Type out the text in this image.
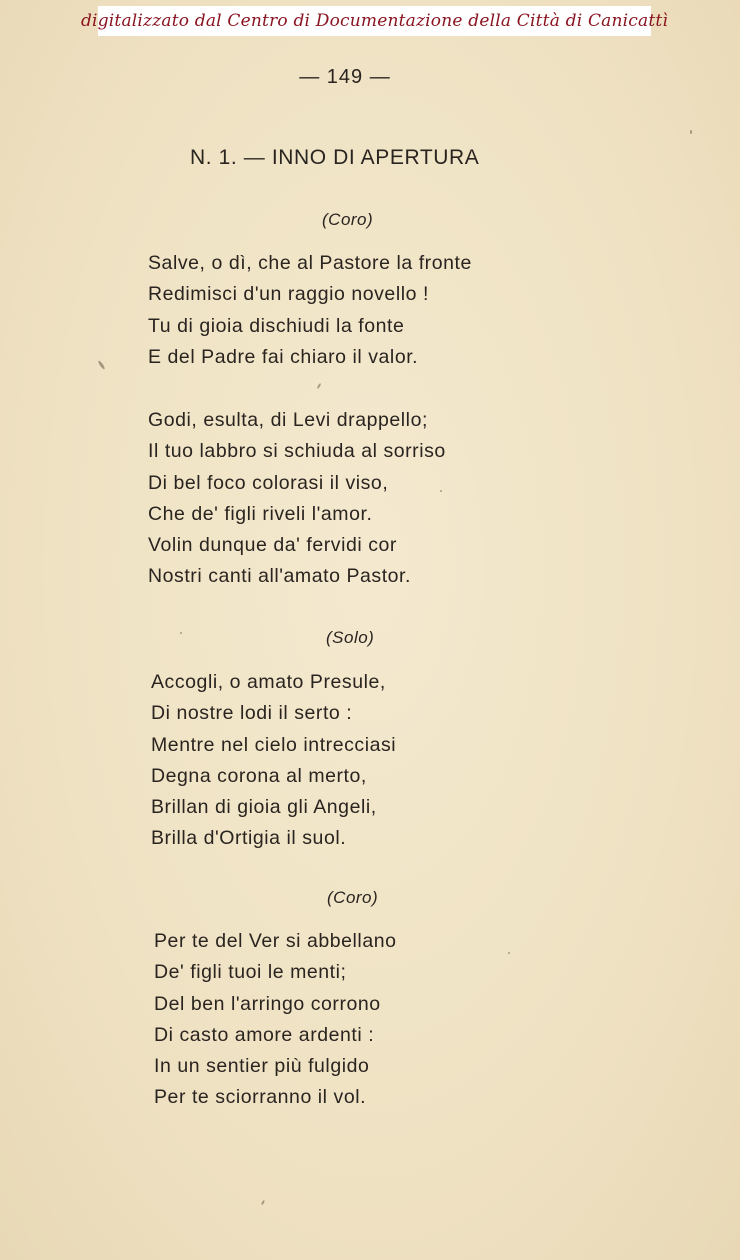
digitalizzato dal Centro di Documentazione della Città di Canicattì
— 149 —
N. 1. — INNO DI APERTURA
(Coro)
Salve, o dì, che al Pastore la fronte
Redimisci d'un raggio novello !
Tu di gioia dischiudi la fonte
E del Padre fai chiaro il valor.
Godi, esulta, di Levi drappello;
Il tuo labbro si schiuda al sorriso
Di bel foco colorasi il viso,
Che de' figli riveli l'amor.
Volin dunque da' fervidi cor
Nostri canti all'amato Pastor.
(Solo)
Accogli, o amato Presule,
Di nostre lodi il serto :
Mentre nel cielo intrecciasi
Degna corona al merto,
Brillan di gioia gli Angeli,
Brilla d'Ortigia il suol.
(Coro)
Per te del Ver si abbellano
De' figli tuoi le menti;
Del ben l'arringo corrono
Di casto amore ardenti :
In un sentier più fulgido
Per te sciorranno il vol.
